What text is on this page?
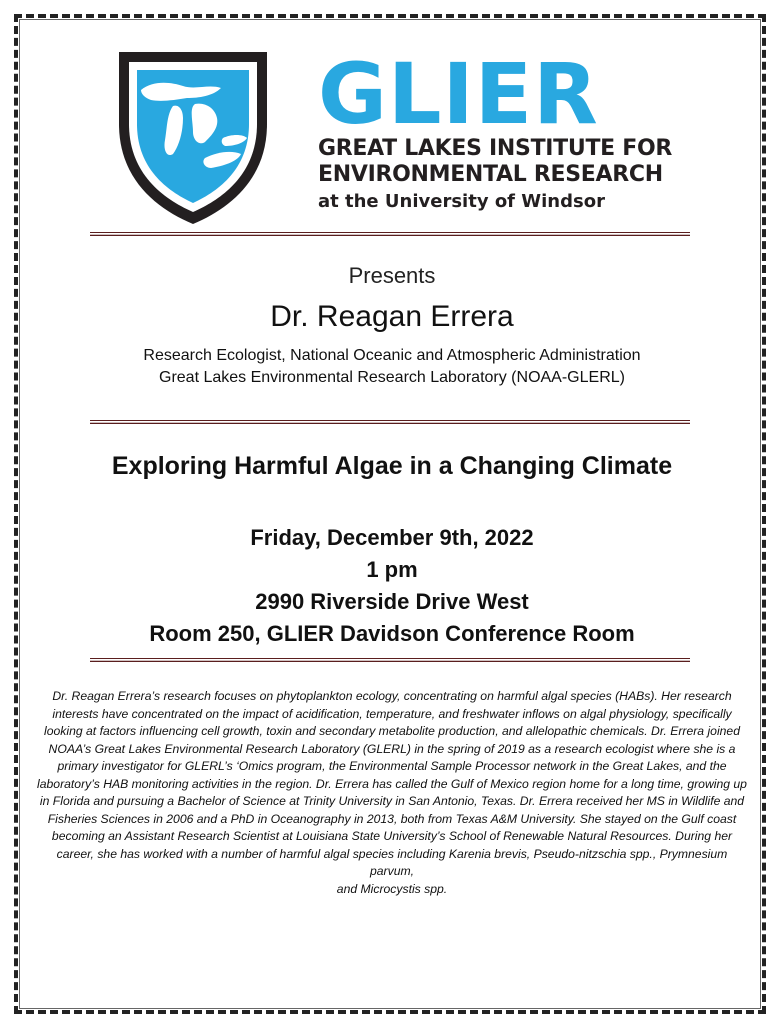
GLIER
GREAT LAKES INSTITUTE FOR
ENVIRONMENTAL RESEARCH
at the University of Windsor
Presents
Dr. Reagan Errera
Research Ecologist, National Oceanic and Atmospheric Administration
Great Lakes Environmental Research Laboratory (NOAA-GLERL)
Exploring Harmful Algae in a Changing Climate
Friday, December 9th, 2022
1 pm
2990 Riverside Drive West
Room 250, GLIER Davidson Conference Room
Dr. Reagan Errera’s research focuses on phytoplankton ecology, concentrating on harmful algal species (HABs). Her research interests have concentrated on the impact of acidification, temperature, and freshwater inflows on algal physiology, specifically looking at factors influencing cell growth, toxin and secondary metabolite production, and allelopathic chemicals. Dr. Errera joined NOAA’s Great Lakes Environmental Research Laboratory (GLERL) in the spring of 2019 as a research ecologist where she is a primary investigator for GLERL’s ‘Omics program, the Environmental Sample Processor network in the Great Lakes, and the laboratory’s HAB monitoring activities in the region. Dr. Errera has called the Gulf of Mexico region home for a long time, growing up in Florida and pursuing a Bachelor of Science at Trinity University in San Antonio, Texas. Dr. Errera received her MS in Wildlife and Fisheries Sciences in 2006 and a PhD in Oceanography in 2013, both from Texas A&M University. She stayed on the Gulf coast becoming an Assistant Research Scientist at Louisiana State University’s School of Renewable Natural Resources. During her career, she has worked with a number of harmful algal species including Karenia brevis, Pseudo-nitzschia spp., Prymnesium parvum,
and Microcystis spp.
